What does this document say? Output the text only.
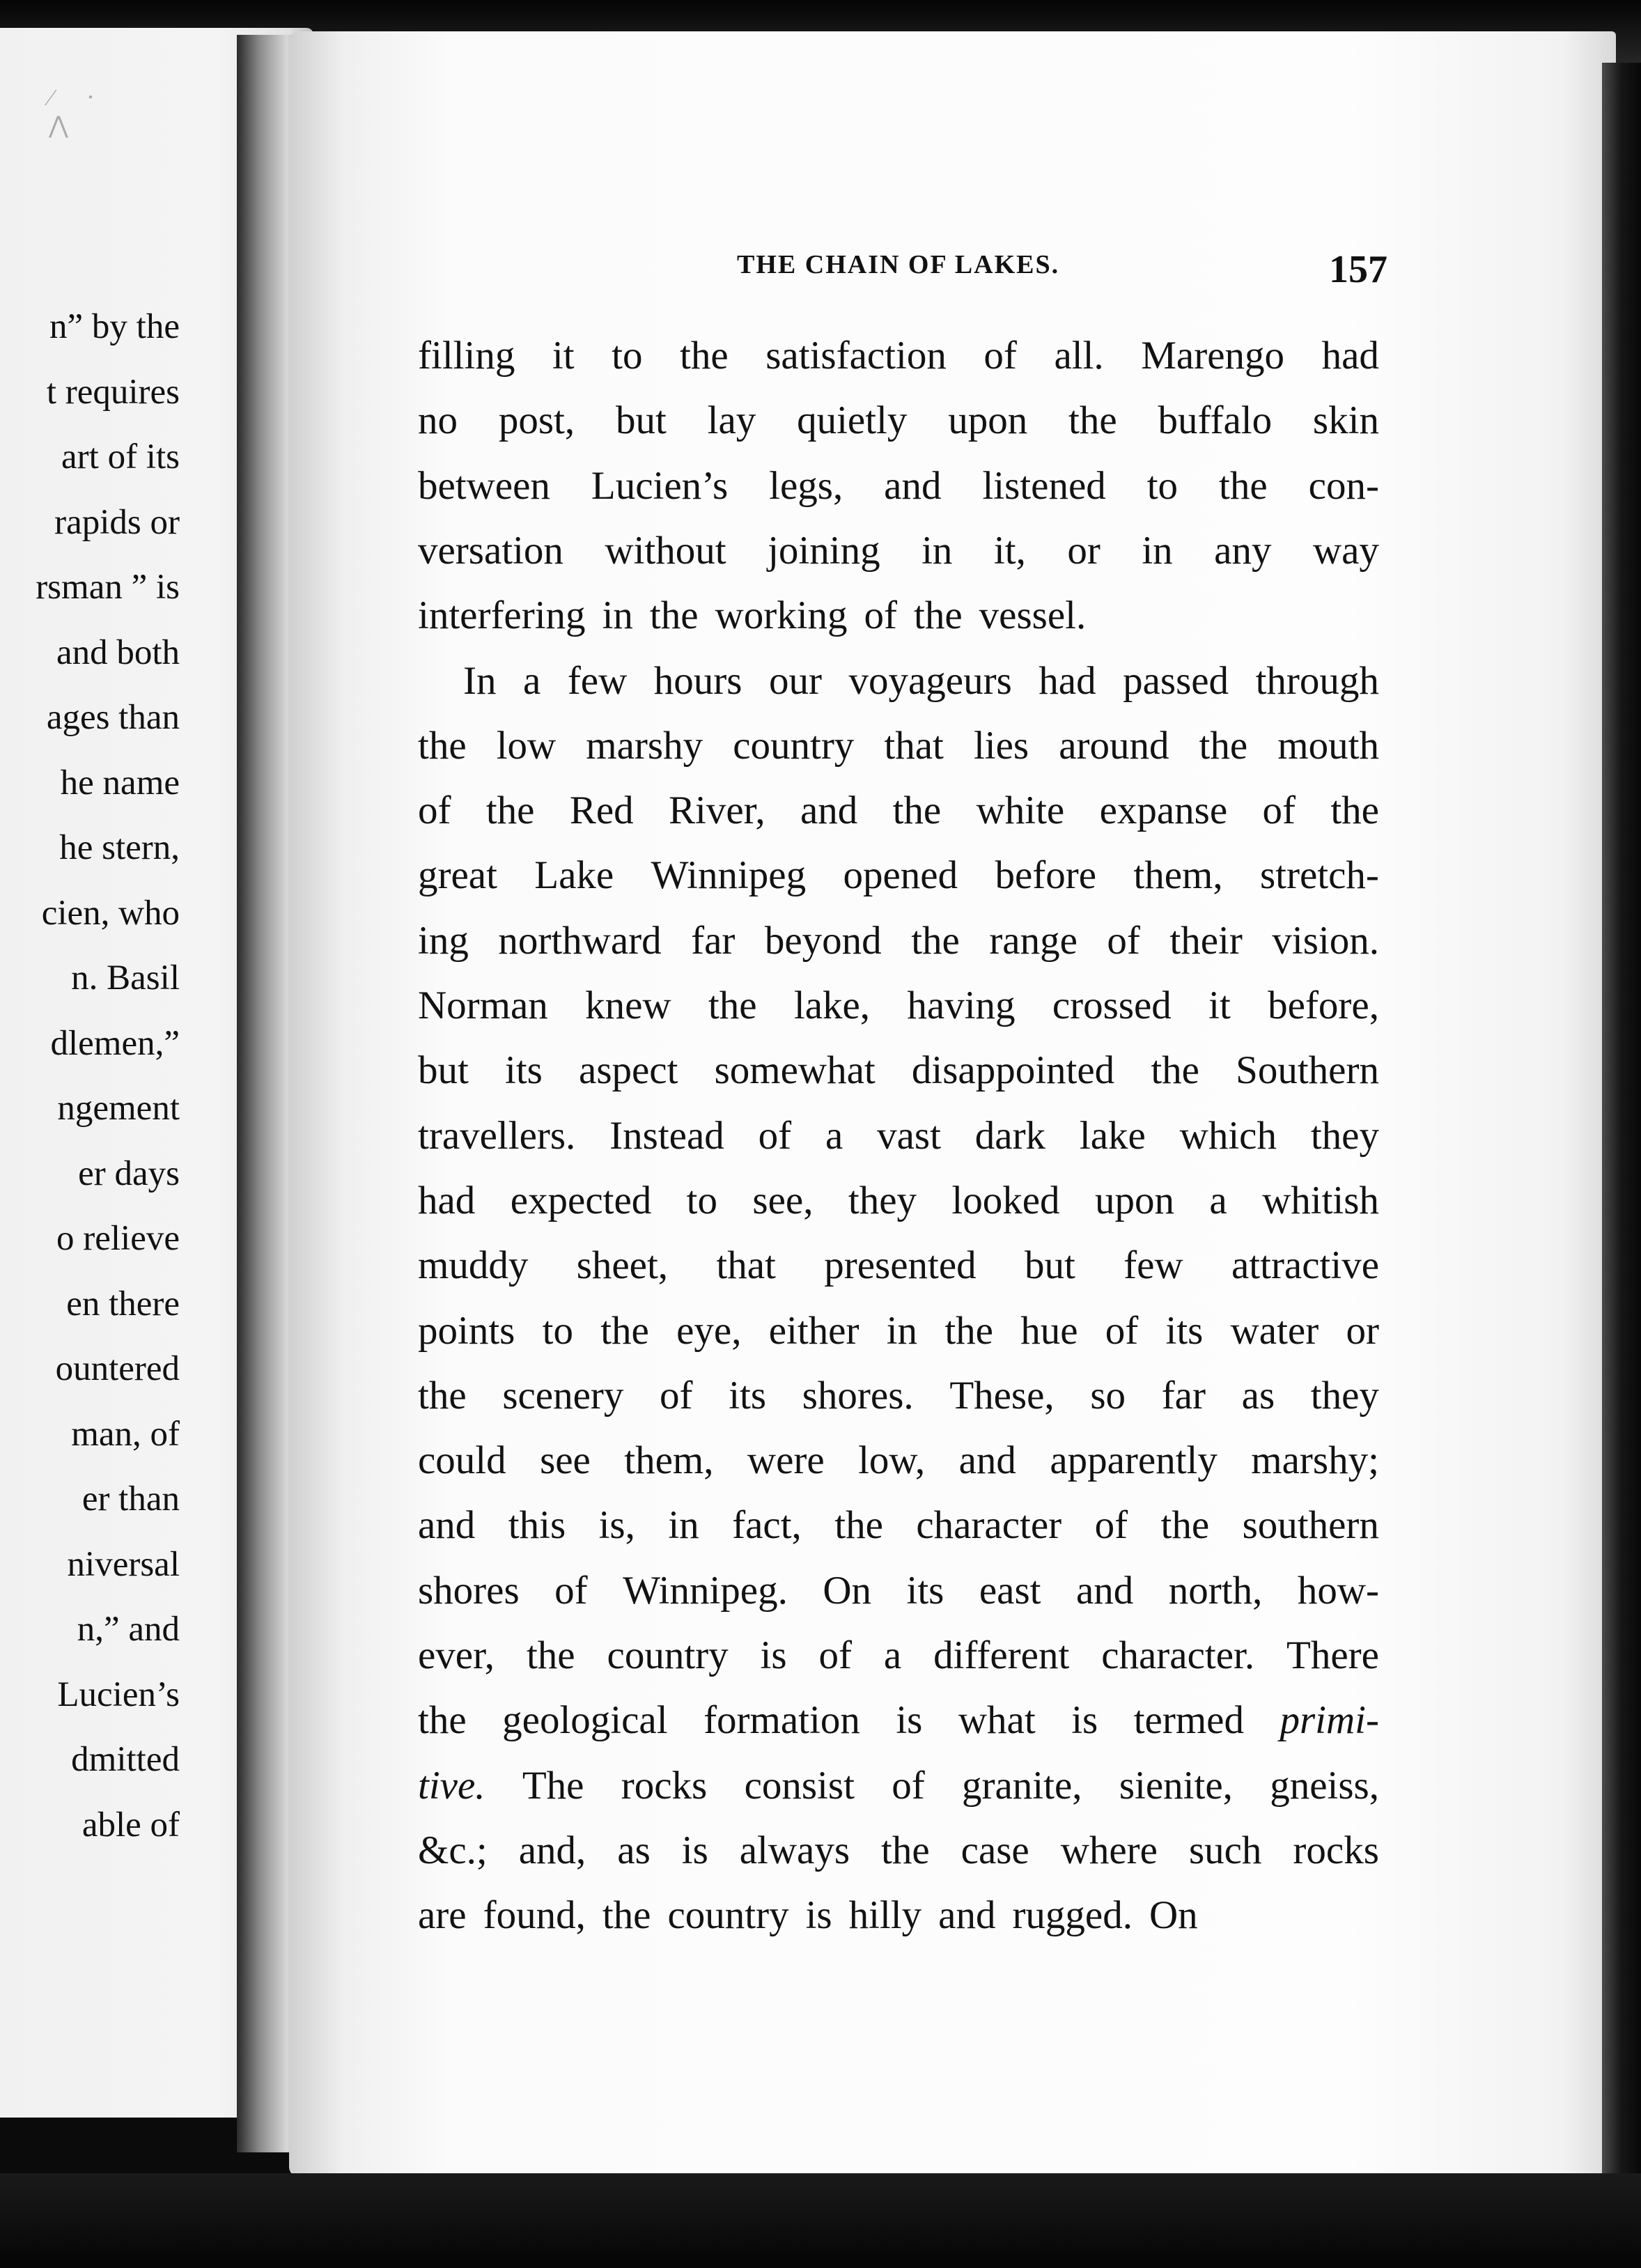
⁄ ⋅ ⋀
n” by the
t requires
art of its
rapids or
rsman ” is
and both
ages than
he name
he stern,
cien, who
n. Basil
dlemen,”
ngement
er days
o relieve
en there
ountered
man, of
er than
niversal
n,” and
Lucien’s
dmitted
able of
THE CHAIN OF LAKES.	157
filling it to the satisfaction of all. Marengo had
no post, but lay quietly upon the buffalo skin
between Lucien’s legs, and listened to the con-
versation without joining in it, or in any way
interfering in the working of the vessel.
In a few hours our voyageurs had passed through
the low marshy country that lies around the mouth
of the Red River, and the white expanse of the
great Lake Winnipeg opened before them, stretch-
ing northward far beyond the range of their vision.
Norman knew the lake, having crossed it before,
but its aspect somewhat disappointed the Southern
travellers. Instead of a vast dark lake which they
had expected to see, they looked upon a whitish
muddy sheet, that presented but few attractive
points to the eye, either in the hue of its water or
the scenery of its shores. These, so far as they
could see them, were low, and apparently marshy;
and this is, in fact, the character of the southern
shores of Winnipeg. On its east and north, how-
ever, the country is of a different character. There
the geological formation is what is termed primi-
tive. The rocks consist of granite, sienite, gneiss,
&c.; and, as is always the case where such rocks
are found, the country is hilly and rugged. On
